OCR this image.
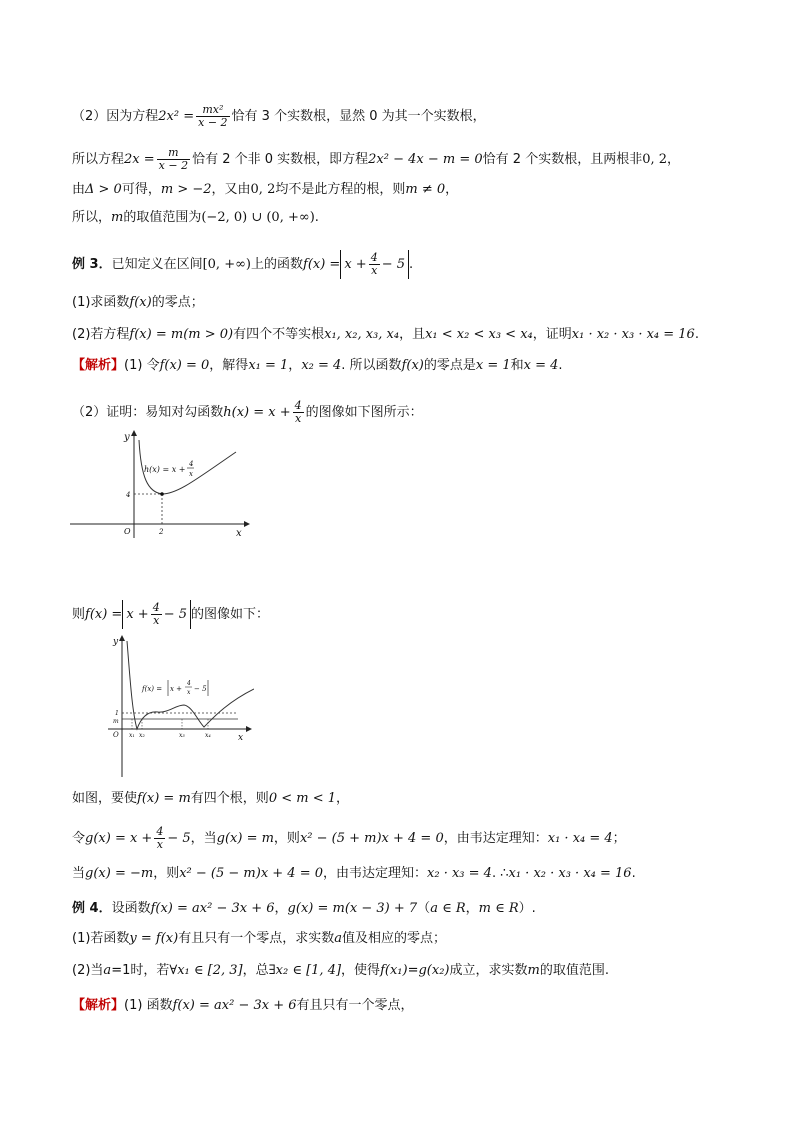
（2）因为方程$2x^2 = \frac{\text{mx²}}{x - 2}$ 恰有 3 个实数根，显然 0 为其一个实数根，
所以方程$2x = \frac{m}{x - 2}$ 恰有 2 个非 0 实数根，即方程2x² − 4x − m = 0恰有 2 个实数根，且两根非0, 2，
由Δ > 0可得，m > −2，又由0, 2均不是此方程的根，则m ≠ 0，
所以，m的取值范围为(−2, 0) ∪ (0, +∞).
例 3．已知定义在区间[0, +∞)上的函数$f(x) = x + \frac{4}{x} - 5$ .
(1)求函数f(x)的零点；
(2)若方程f(x) = m(m > 0)有四个不等实根x₁, x₂, x₃, x₄，且x₁ < x₂ < x₃ < x₄，证明x₁ · x₂ · x₃ · x₄ = 16.
【解析】(1) 令f(x) = 0，解得x₁ = 1，x₂ = 4. 所以函数f(x)的零点是x = 1和x = 4.
（2）证明：易知对勾函数$h(x) = x + \frac{4}{x}$ 的图像如下图所示：
y
x
O
4
2
h(x) = x +
4
x
则$f(x) = x + \frac{4}{x} - 5$ 的图像如下：
y
x
O
1
m
x₁ x₂	x₃	x₄
f(x) = x +
4
x − 5
如图，要使f(x) = m有四个根，则0 < m < 1，
令$g(x) = x + \frac{4}{x} - 5$，当g(x) = m，则x² − (5 + m)x + 4 = 0，由韦达定理知：x₁ · x₄ = 4；
当g(x) = −m，则x² − (5 − m)x + 4 = 0，由韦达定理知：x₂ · x₃ = 4. ∴x₁ · x₂ · x₃ · x₄ = 16.
例 4．设函数f(x) = ax² − 3x + 6，g(x) = m(x − 3) + 7（a ∈ R，m ∈ R）.
(1)若函数y = f(x)有且只有一个零点，求实数a值及相应的零点；
(2)当a=1时，若∀x₁ ∈ [2, 3]，总∃x₂ ∈ [1, 4]，使得f(x₁)=g(x₂)成立，求实数m的取值范围.
【解析】(1) 函数f(x) = ax² − 3x + 6有且只有一个零点，
